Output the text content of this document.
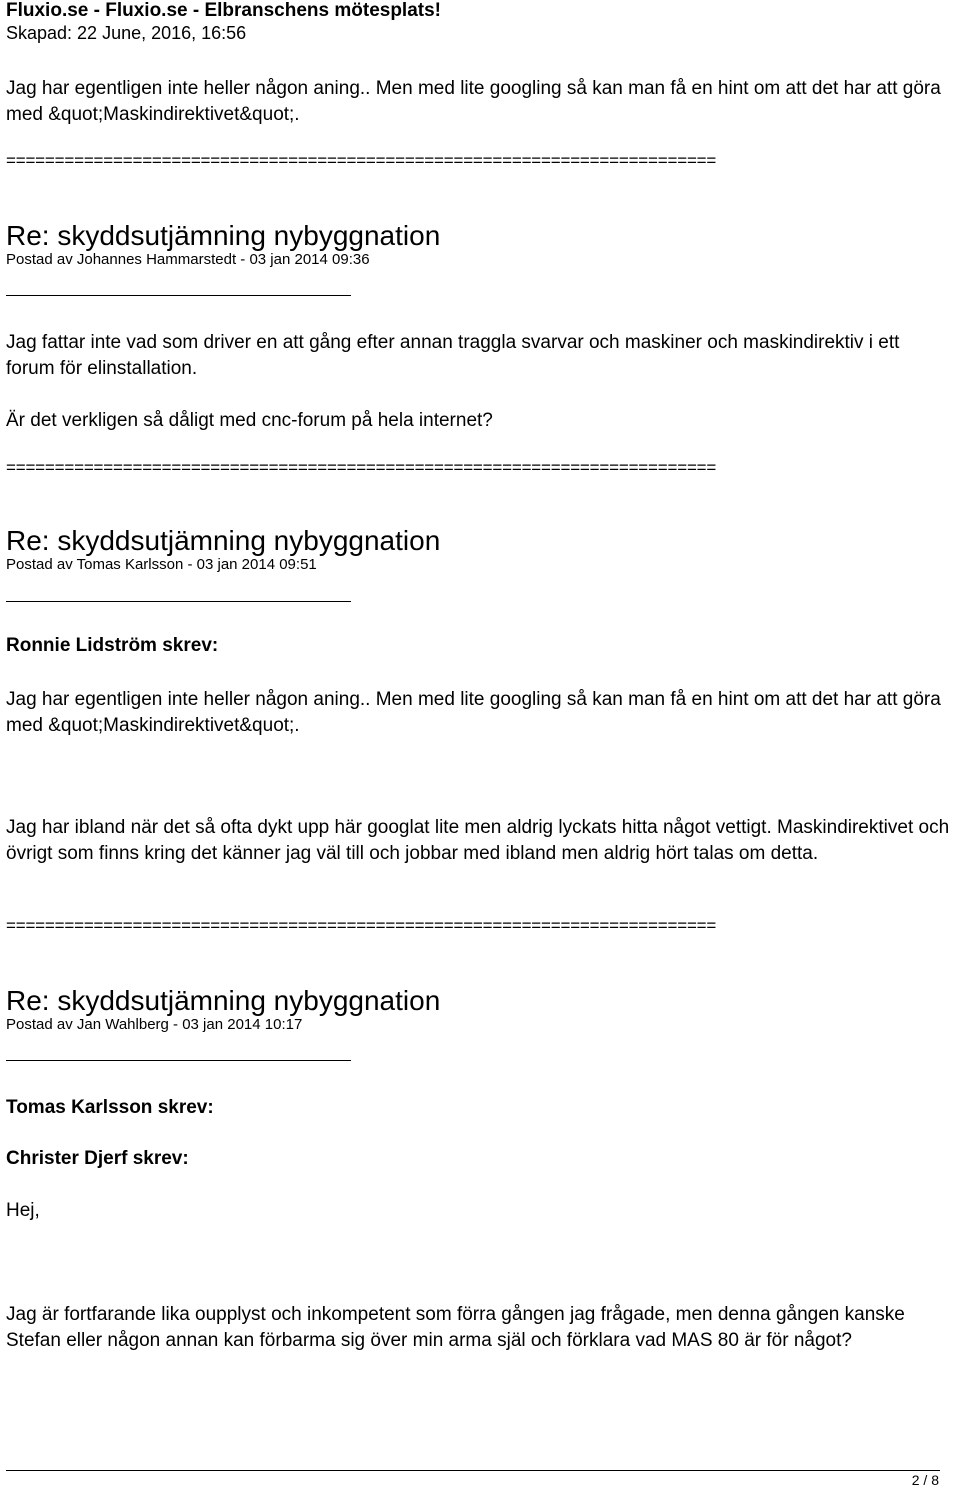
Fluxio.se - Fluxio.se - Elbranschens mötesplats!
Skapad: 22 June, 2016, 16:56
Jag har egentligen inte heller någon aning.. Men med lite googling så kan man få en hint om att det har att göra med &quot;Maskindirektivet&quot;.
=========================================================================
Re: skyddsutjämning nybyggnation
Postad av Johannes Hammarstedt - 03 jan 2014 09:36
Jag fattar inte vad som driver en att gång efter annan traggla svarvar och maskiner och maskindirektiv i ett forum för elinstallation.
Är det verkligen så dåligt med cnc-forum på hela internet?
=========================================================================
Re: skyddsutjämning nybyggnation
Postad av Tomas Karlsson - 03 jan 2014 09:51
Ronnie Lidström skrev:
Jag har egentligen inte heller någon aning.. Men med lite googling så kan man få en hint om att det har att göra med &quot;Maskindirektivet&quot;.
Jag har ibland när det så ofta dykt upp här googlat lite men aldrig lyckats hitta något vettigt. Maskindirektivet och övrigt som finns kring det känner jag väl till och jobbar med ibland men aldrig hört talas om detta.
=========================================================================
Re: skyddsutjämning nybyggnation
Postad av Jan Wahlberg - 03 jan 2014 10:17
Tomas Karlsson skrev:
Christer Djerf skrev:
Hej,
Jag är fortfarande lika oupplyst och inkompetent som förra gången jag frågade, men denna gången kanske Stefan eller någon annan kan förbarma sig över min arma själ och förklara vad MAS 80 är för något?
2 / 8
